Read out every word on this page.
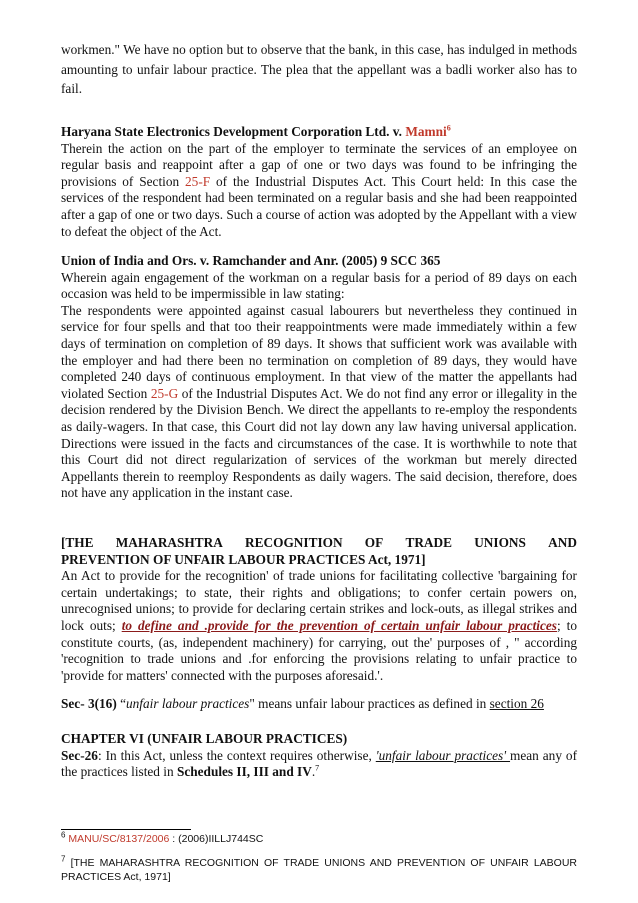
workmen." We have no option but to observe that the bank, in this case, has indulged in methods amounting to unfair labour practice. The plea that the appellant was a badli worker also has to fail.

Haryana State Electronics Development Corporation Ltd. v. Mamni$^6$

Therein the action on the part of the employer to terminate the services of an employee on regular basis and reappoint after a gap of one or two days was found to be infringing the provisions of Section 25-F of the Industrial Disputes Act. This Court held: In this case the services of the respondent had been terminated on a regular basis and she had been reappointed after a gap of one or two days. Such a course of action was adopted by the Appellant with a view to defeat the object of the Act.

Union of India and Ors. v. Ramchander and Anr. (2005) 9 SCC 365

Wherein again engagement of the workman on a regular basis for a period of 89 days on each occasion was held to be impermissible in law stating:

The respondents were appointed against casual labourers but nevertheless they continued in service for four spells and that too their reappointments were made immediately within a few days of termination on completion of 89 days. It shows that sufficient work was available with the employer and had there been no termination on completion of 89 days, they would have completed 240 days of continuous employment. In that view of the matter the appellants had violated Section 25-G of the Industrial Disputes Act. We do not find any error or illegality in the decision rendered by the Division Bench. We direct the appellants to re-employ the respondents as daily-wagers. In that case, this Court did not lay down any law having universal application. Directions were issued in the facts and circumstances of the case. It is worthwhile to note that this Court did not direct regularization of services of the workman but merely directed Appellants therein to reemploy Respondents as daily wagers. The said decision, therefore, does not have any application in the instant case.

[THE MAHARASHTRA RECOGNITION OF TRADE UNIONS AND

PREVENTION OF UNFAIR LABOUR PRACTICES Act, 1971]

An Act to provide for the recognition' of trade unions for facilitating collective 'bargaining for certain undertakings; to state, their rights and obligations; to confer certain powers on, unrecognised unions; to provide for declaring certain strikes and lock-outs, as illegal strikes and lock outs; to define and .provide for the prevention of certain unfair labour practices; to constitute courts, (as, independent machinery) for carrying, out the' purposes of , " according 'recognition to trade unions and .for enforcing the provisions relating to unfair practice to 'provide for matters' connected with the purposes aforesaid.'.

Sec- 3(16) “unfair labour practices" means unfair labour practices as defined in section 26

CHAPTER VI (UNFAIR LABOUR PRACTICES)

Sec-26: In this Act, unless the context requires otherwise, 'unfair labour practices' mean any of the practices listed in Schedules II, III and IV.$^7$

$^6$ MANU/SC/8137/2006 : (2006)IILLJ744SC
$^7$ [THE MAHARASHTRA RECOGNITION OF TRADE UNIONS AND PREVENTION OF UNFAIR LABOUR PRACTICES Act, 1971]
